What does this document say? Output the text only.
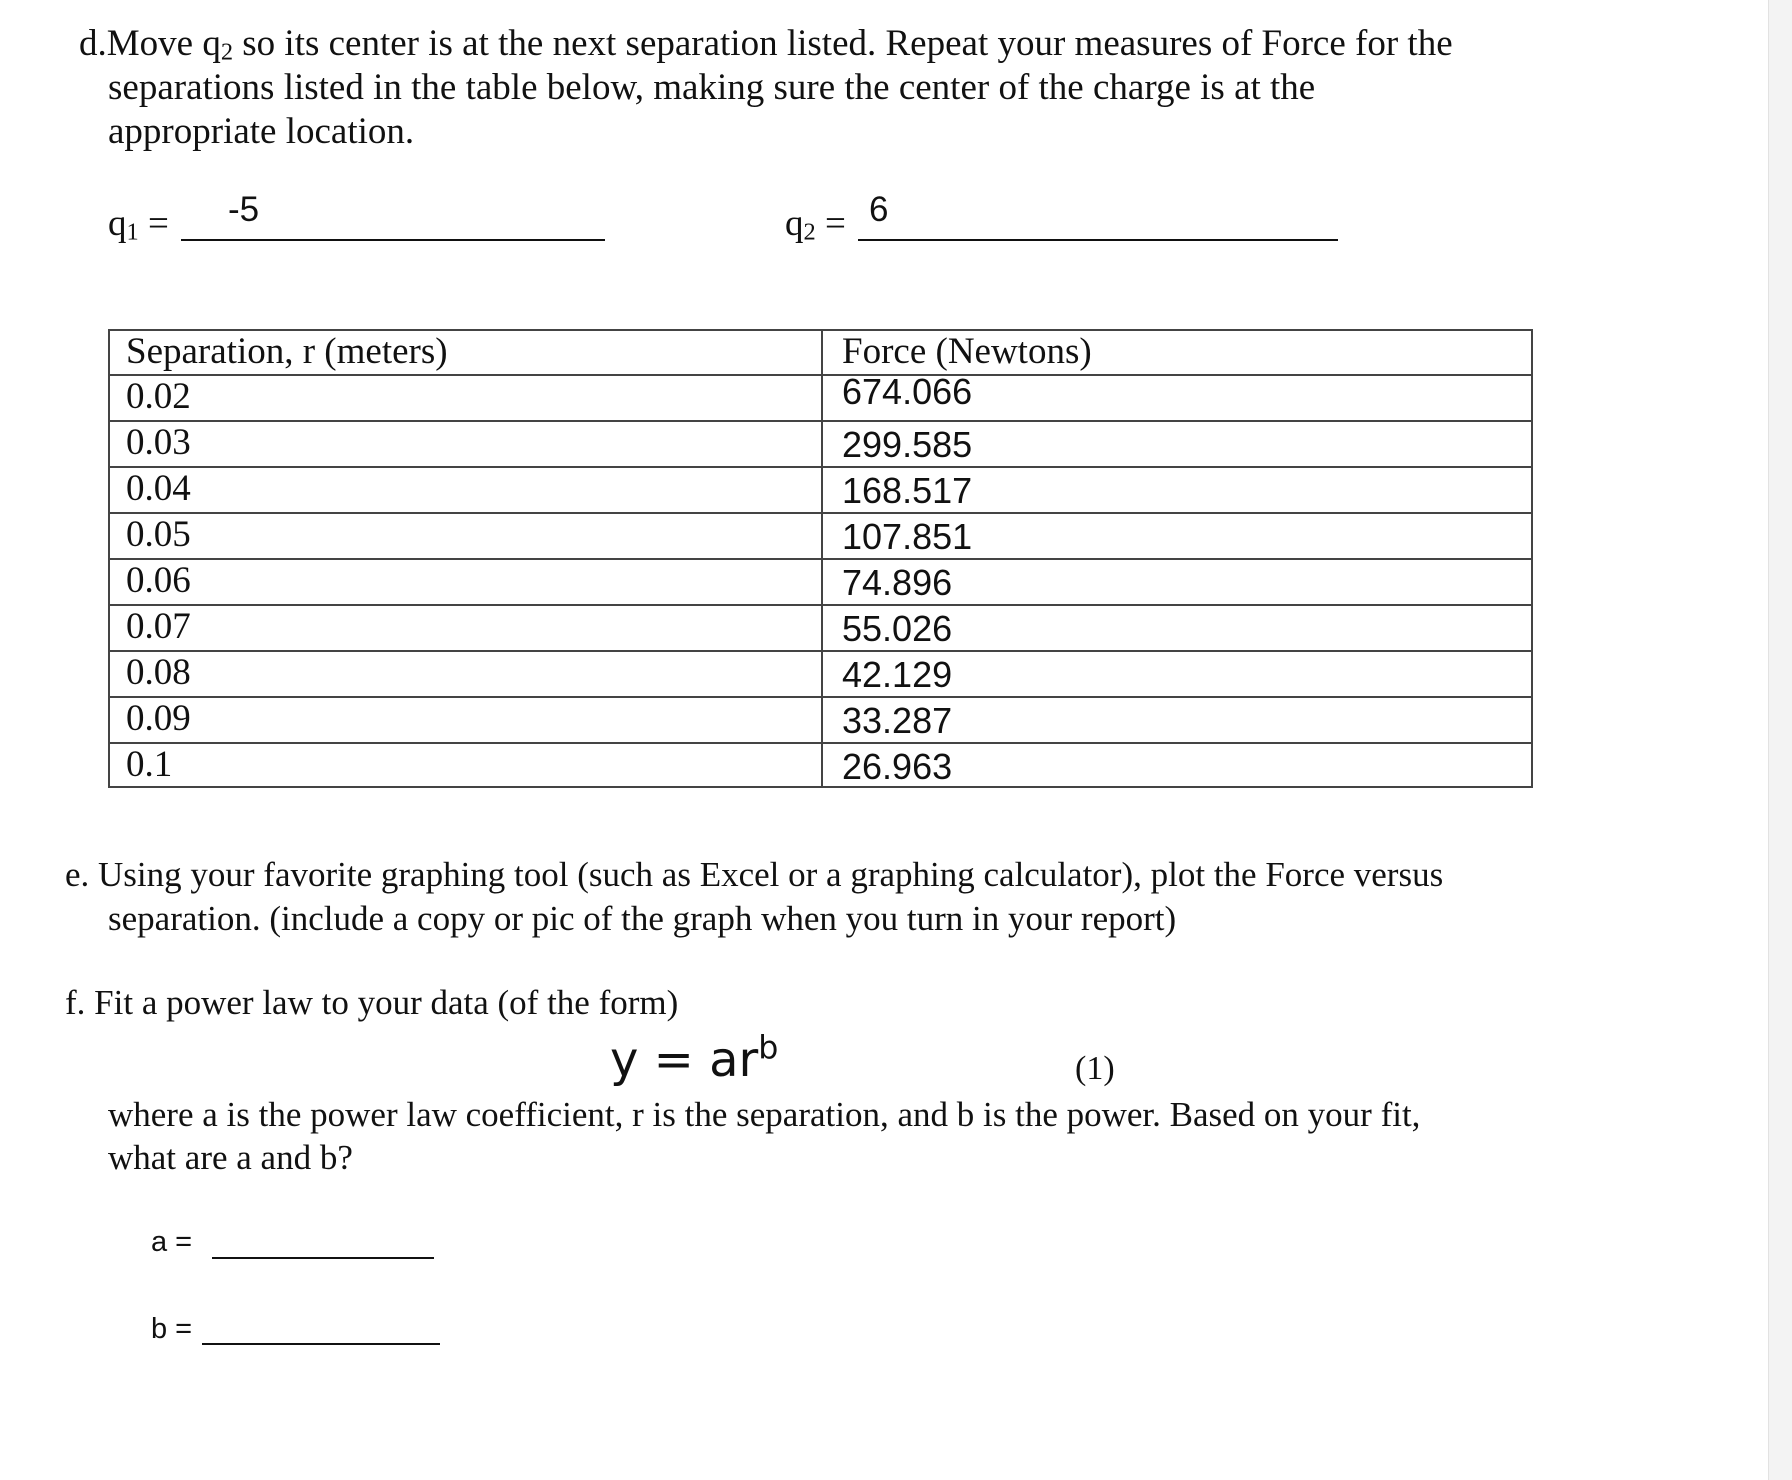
d.Move $q_2$ so its center is at the next separation listed. Repeat your measures of Force for the
separations listed in the table below, making sure the center of the charge is at the
appropriate location.
$q_1 = -5$	$q_2 = 6$
Separation, r (meters)	Force (Newtons)
0.02	674.066
0.03	299.585
0.04	168.517
0.05	107.851
0.06	74.896
0.07	55.026
0.08	42.129
0.09	33.287
0.1	26.963
e. Using your favorite graphing tool (such as Excel or a graphing calculator), plot the Force versus
separation. (include a copy or pic of the graph when you turn in your report)
f. Fit a power law to your data (of the form)
$y = ar^b$
(1)
where a is the power law coefficient, r is the separation, and b is the power. Based on your fit,
what are a and b?
a =
b =
